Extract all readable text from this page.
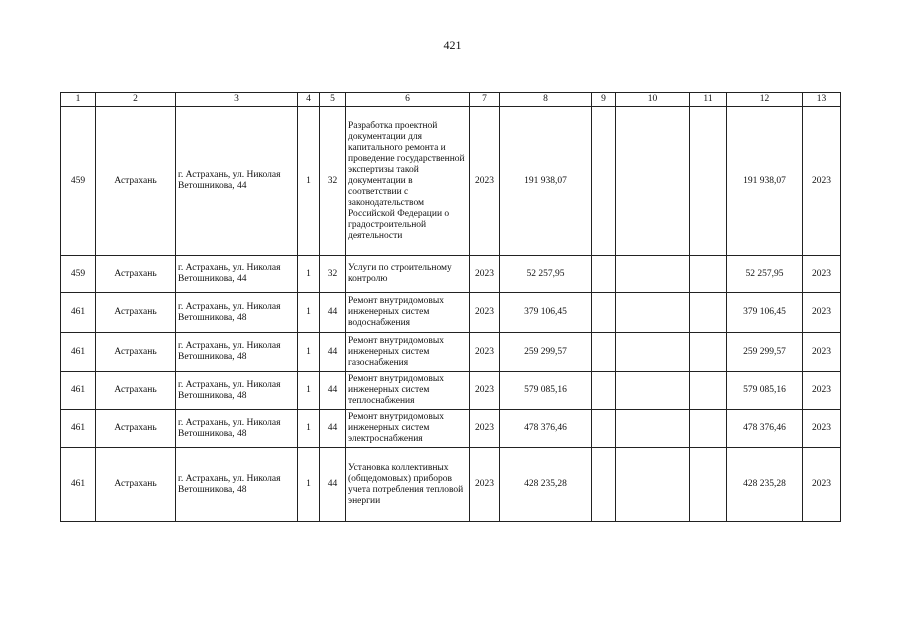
421
1	2	3	4	5	6	7	8	9	10	11	12	13
459	Астрахань	г. Астрахань, ул. Николая Ветошникова, 44	1	32	Разработка проектной документации для капитального ремонта и проведение государственной экспертизы такой документации в соответствии с законодательством Российской Федерации о градостроительной деятельности	2023	191 938,07				191 938,07	2023
459	Астрахань	г. Астрахань, ул. Николая Ветошникова, 44	1	32	Услуги по строительному контролю	2023	52 257,95				52 257,95	2023
461	Астрахань	г. Астрахань, ул. Николая Ветошникова, 48	1	44	Ремонт внутридомовых инженерных систем водоснабжения	2023	379 106,45				379 106,45	2023
461	Астрахань	г. Астрахань, ул. Николая Ветошникова, 48	1	44	Ремонт внутридомовых инженерных систем газоснабжения	2023	259 299,57				259 299,57	2023
461	Астрахань	г. Астрахань, ул. Николая Ветошникова, 48	1	44	Ремонт внутридомовых инженерных систем теплоснабжения	2023	579 085,16				579 085,16	2023
461	Астрахань	г. Астрахань, ул. Николая Ветошникова, 48	1	44	Ремонт внутридомовых инженерных систем электроснабжения	2023	478 376,46				478 376,46	2023
461	Астрахань	г. Астрахань, ул. Николая Ветошникова, 48	1	44	Установка коллективных (общедомовых) приборов учета потребления тепловой энергии	2023	428 235,28				428 235,28	2023
